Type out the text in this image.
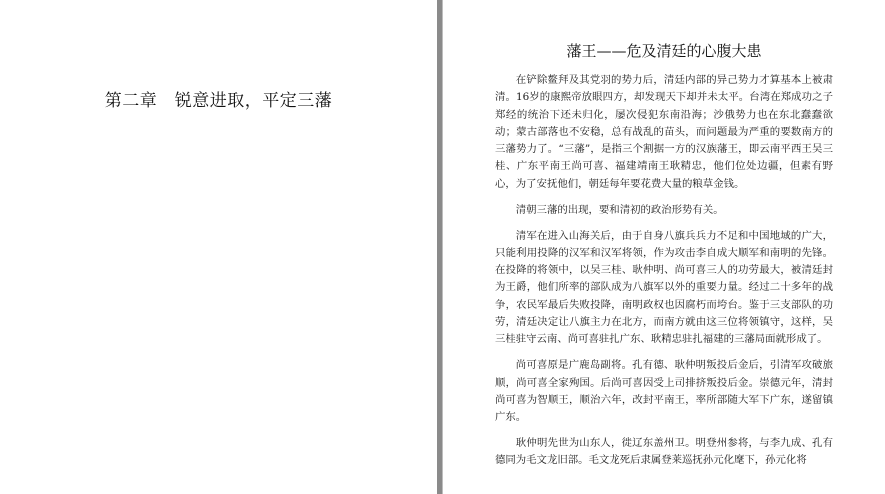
第二章　锐意进取，平定三藩
藩王——危及清廷的心腹大患

在铲除鳌拜及其党羽的势力后，清廷内部的异己势力才算基本上被肃清。16岁的康熙帝放眼四方，却发现天下却并未太平。台湾在郑成功之子郑经的统治下还未归化，屡次侵犯东南沿海；沙俄势力也在东北蠢蠢欲动；蒙古部落也不安稳，总有战乱的苗头，而问题最为严重的要数南方的三藩势力了。“三藩”，是指三个割据一方的汉族藩王，即云南平西王吴三桂、广东平南王尚可喜、福建靖南王耿精忠，他们位处边疆，但素有野心，为了安抚他们，朝廷每年要花费大量的粮草金钱。

清朝三藩的出现，要和清初的政治形势有关。

清军在进入山海关后，由于自身八旗兵兵力不足和中国地域的广大，只能利用投降的汉军和汉军将领，作为攻击李自成大顺军和南明的先锋。在投降的将领中，以吴三桂、耿仲明、尚可喜三人的功劳最大，被清廷封为王爵，他们所率的部队成为八旗军以外的重要力量。经过二十多年的战争，农民军最后失败投降，南明政权也因腐朽而垮台。鉴于三支部队的功劳，清廷决定让八旗主力在北方，而南方就由这三位将领镇守，这样，吴三桂驻守云南、尚可喜驻扎广东、耿精忠驻扎福建的三藩局面就形成了。

尚可喜原是广鹿岛副将。孔有德、耿仲明叛投后金后，引清军攻破旅顺，尚可喜全家殉国。后尚可喜因受上司排挤叛投后金。崇德元年，清封尚可喜为智顺王，顺治六年，改封平南王，率所部随大军下广东，遂留镇广东。

耿仲明先世为山东人，徙辽东盖州卫。明登州参将，与李九成、孔有德同为毛文龙旧部。毛文龙死后隶属登莱巡抚孙元化麾下，孙元化将
